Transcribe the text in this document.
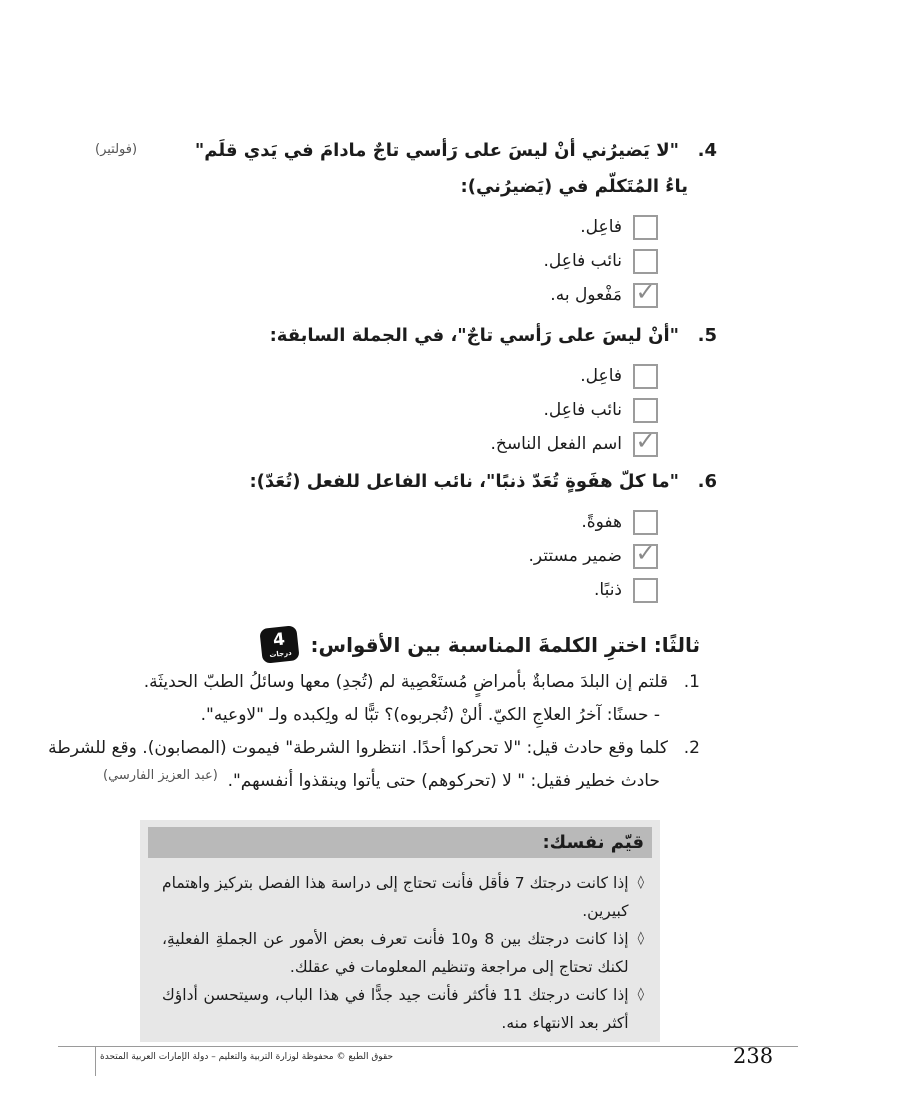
4.
"لا يَضيرُني أنْ ليسَ على رَأسي تاجٌ مادامَ في يَدي قلَم"
ياءُ المُتَكلّم في (يَضيرُني):
فاعِل.
نائب فاعِل.
✓
مَفْعول به.
(فولتير)
5.
"أنْ ليسَ على رَأسي تاجٌ"، في الجملة السابقة:
فاعِل.
نائب فاعِل.
✓
اسم الفعل الناسخ.
6.
"ما كلّ هفَوةٍ تُعَدّ ذنبًا"، نائب الفاعل للفعل (تُعَدّ):
هفوةً.
✓
ضمير مستتر.
ذنبًا.
ثالثًا: اخترِ الكلمةَ المناسبة بين الأقواس:
4
درجات
1.
قلتم إن البلدَ مصابةٌ بأمراضٍ مُستَعْصِية لم (تُجدِ) معها وسائلُ الطبّ الحديثَة.
- حسنًا: آخرُ العلاجِ الكيّ. ألنْ (تُجربوه)؟ تبًّا له ولِكبده ولـ "لاوعيه".
2.
كلما وقع حادث قيل: "لا تحركوا أحدًا. انتظروا الشرطة" فيموت (المصابون). وقع للشرطة
حادث خطير فقيل: " لا (تحركوهم) حتى يأتوا وينقذوا أنفسهم".
(عبد العزيز الفارسي)
قيّم نفسك:
◊
إذا كانت درجتك 7 فأقل فأنت تحتاج إلى دراسة هذا الفصل بتركيز واهتمام كبيرين.
◊
إذا كانت درجتك بين 8 و10 فأنت تعرف بعض الأمور عن الجملةِ الفعليةِ، لكنك تحتاج إلى مراجعة وتنظيم المعلومات في عقلك.
◊
إذا كانت درجتك 11 فأكثر فأنت جيد جدًّا في هذا الباب، وسيتحسن أداؤك أكثر بعد الانتهاء منه.
حقوق الطبع © محفوظة لوزارة التربية والتعليم – دولة الإمارات العربية المتحدة	238
